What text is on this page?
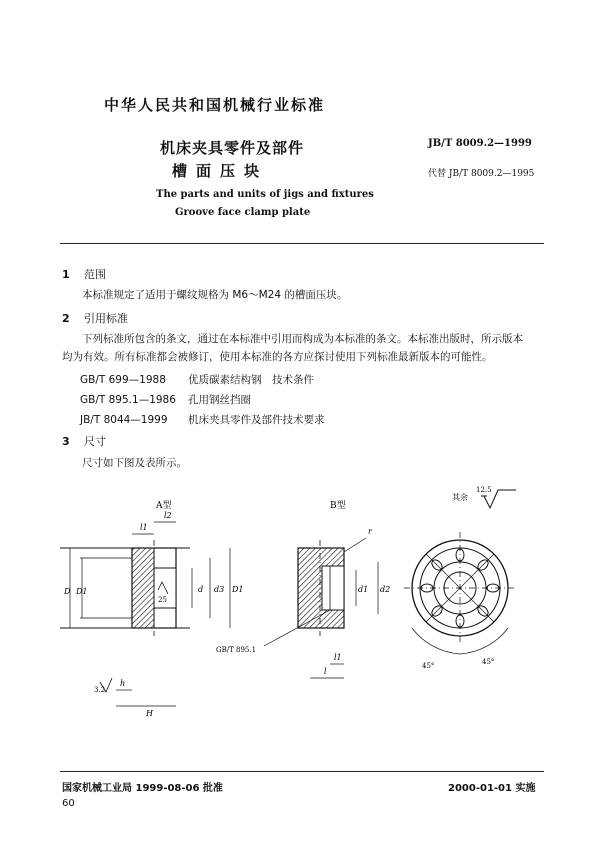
中华人民共和国机械行业标准
机床夹具零件及部件
槽面压块
JB/T 8009.2—1999
代替 JB/T 8009.2—1995
The parts and units of jigs and fixtures
Groove face clamp plate
1 范围
本标准规定了适用于螺纹规格为 M6～M24 的槽面压块。
2 引用标准
下列标准所包含的条文，通过在本标准中引用而构成为本标准的条文。本标准出版时，所示版本
均为有效。所有标准都会被修订，使用本标准的各方应探讨使用下列标准最新版本的可能性。
GB/T 699—1988 优质碳素结构钢　技术条件
GB/T 895.1—1986 孔用钢丝挡圈
JB/T 8044—1999 机床夹具零件及部件技术要求
3 尺寸
尺寸如下图及表所示。
其余
12.5
A型
D D1	d d3 D1
l2
l1
25
3.2
h
H
B型
r
d1 d2
GB/T 895.1
l1
l
45°	45°
国家机械工业局 1999-08-06 批准	2000-01-01 实施
60
